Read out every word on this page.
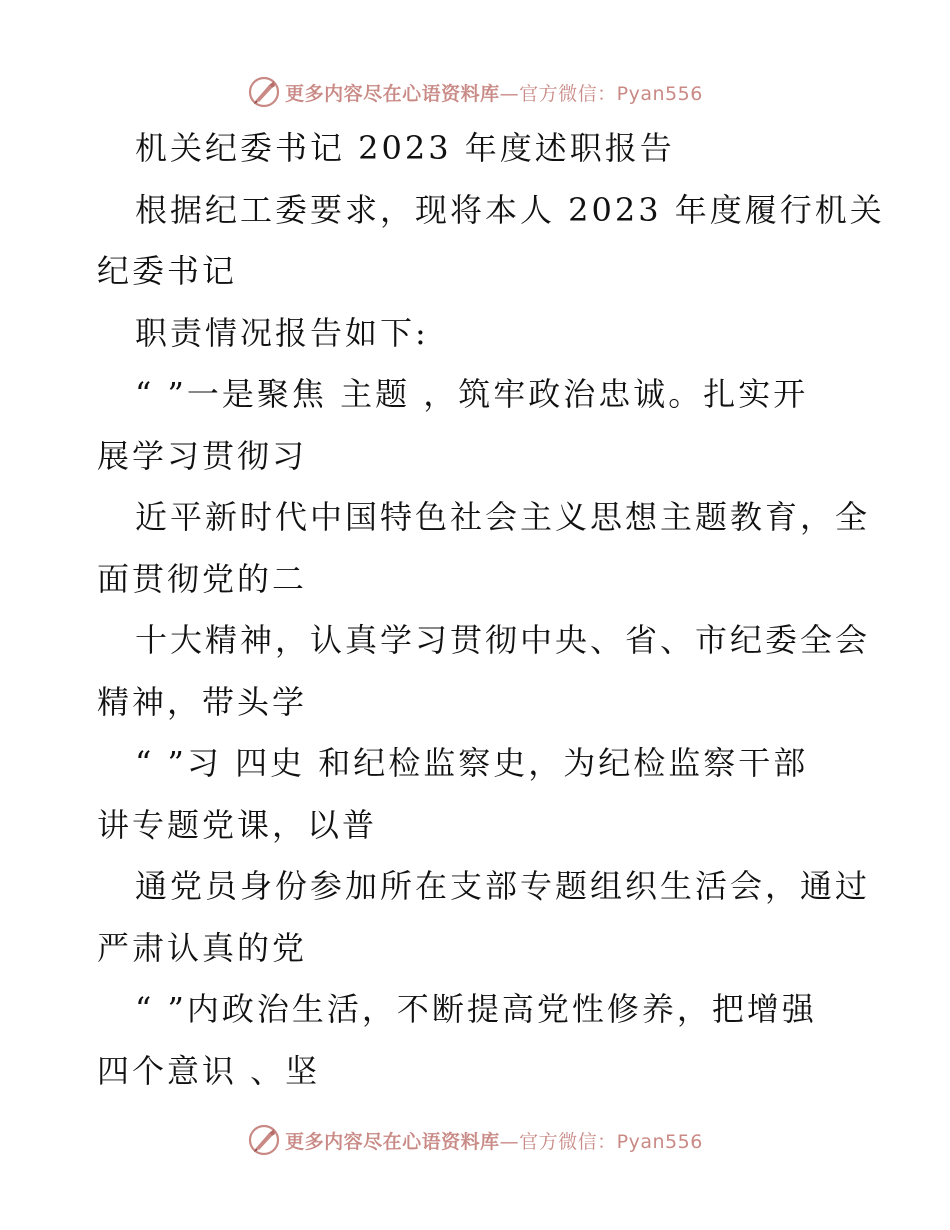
更多内容尽在心语资料库—官方微信：Pyan556
机关纪委书记 2023 年度述职报告
根据纪工委要求，现将本人 2023 年度履行机关
纪委书记
职责情况报告如下:
“ ”一是聚焦 主题 ，筑牢政治忠诚。扎实开
展学习贯彻习
近平新时代中国特色社会主义思想主题教育，全
面贯彻党的二
十大精神，认真学习贯彻中央、省、市纪委全会
精神，带头学
“ ”习 四史 和纪检监察史，为纪检监察干部
讲专题党课，以普
通党员身份参加所在支部专题组织生活会，通过
严肃认真的党
“ ”内政治生活，不断提高党性修养，把增强
四个意识 、坚
更多内容尽在心语资料库—官方微信：Pyan556
